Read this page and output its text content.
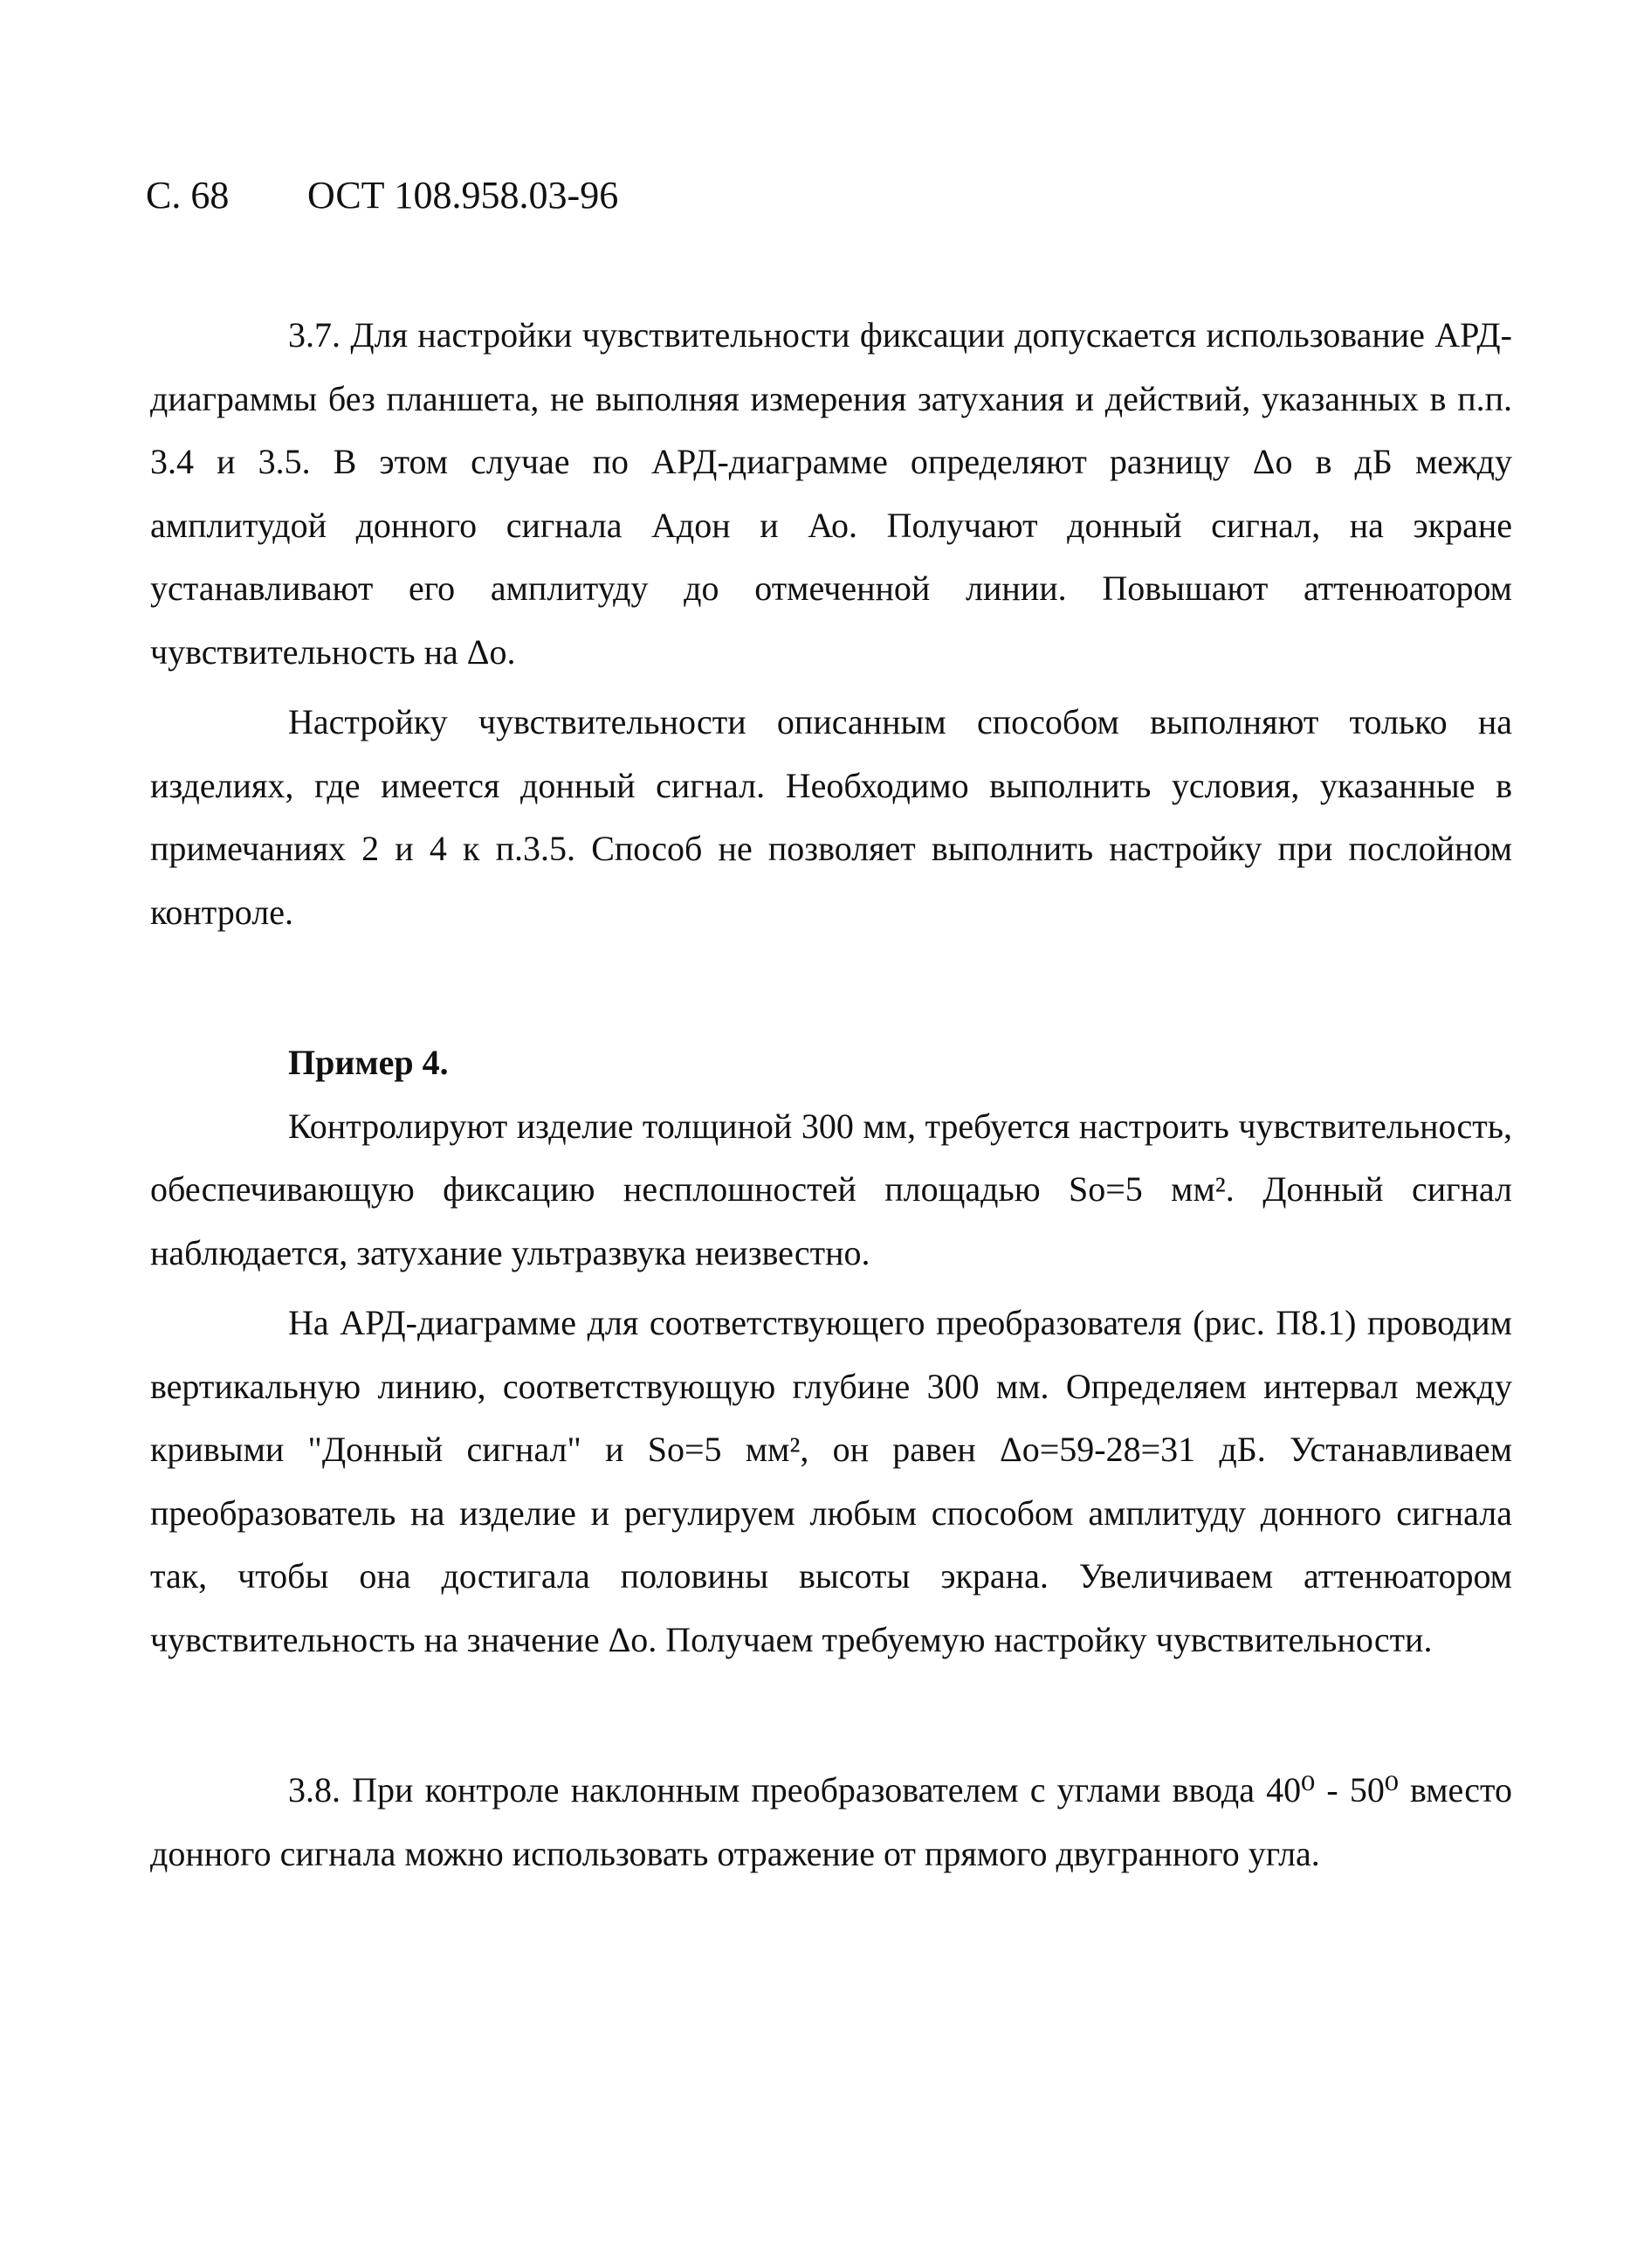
С. 68 ОСТ 108.958.03-96

3.7. Для настройки чувствительности фиксации допускается использование АРД-диаграммы без планшета, не выполняя измерения затухания и действий, указанных в п.п. 3.4 и 3.5. В этом случае по АРД-диаграмме определяют разницу Δо в дБ между амплитудой донного сигнала Адон и Ао. Получают донный сигнал, на экране устанавливают его амплитуду до отмеченной линии. Повышают аттенюатором чувствительность на Δо.

Настройку чувствительности описанным способом выполняют только на изделиях, где имеется донный сигнал. Необходимо выполнить условия, указанные в примечаниях 2 и 4 к п.3.5. Способ не позволяет выполнить настройку при послойном контроле.

Пример 4.

Контролируют изделие толщиной 300 мм, требуется настроить чувствительность, обеспечивающую фиксацию несплошностей площадью So=5 мм². Донный сигнал наблюдается, затухание ультразвука неизвестно.

На АРД-диаграмме для соответствующего преобразователя (рис. П8.1) проводим вертикальную линию, соответствующую глубине 300 мм. Определяем интервал между кривыми "Донный сигнал" и So=5 мм², он равен Δо=59-28=31 дБ. Устанавливаем преобразователь на изделие и регулируем любым способом амплитуду донного сигнала так, чтобы она достигала половины высоты экрана. Увеличиваем аттенюатором чувствительность на значение Δо. Получаем требуемую настройку чувствительности.

3.8. При контроле наклонным преобразователем с углами ввода 40⁰ - 50⁰ вместо донного сигнала можно использовать отражение от прямого двугранного угла.
